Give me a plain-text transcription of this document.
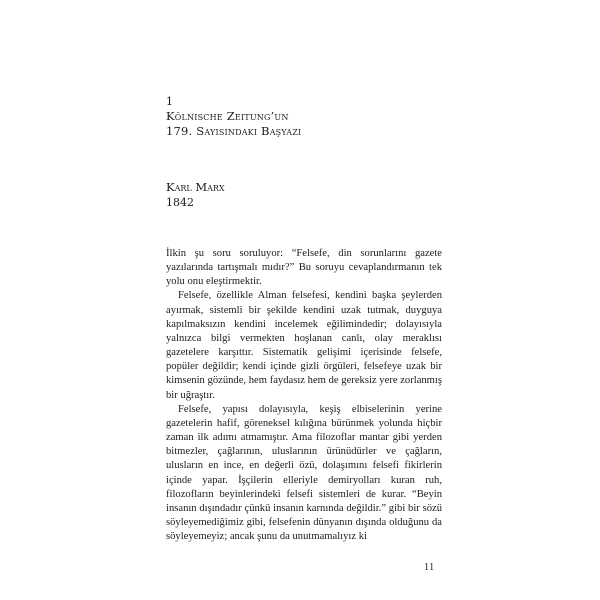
1
Kölnische Zeitung’un
179. Sayısındakı Başyazı
Karl Marx
1842

İlkin şu soru soruluyor: “Felsefe, din sorunlarını gazete yazılarında tartışmalı mıdır?” Bu soruyu cevaplandırmanın tek yolu onu eleştirmektir.

Felsefe, özellikle Alman felsefesi, kendini başka şeylerden ayırmak, sistemli bir şekilde kendini uzak tutmak, duyguya kapılmaksızın kendini incelemek eğilimindedir; dolayısıyla yalnızca bilgi vermekten hoşlanan canlı, olay meraklısı gazetelere karşıttır. Sistematik gelişimi içerisinde felsefe, popüler değildir; kendi içinde gizli örgüleri, felsefeye uzak bir kimsenin gözünde, hem faydasız hem de gereksiz yere zorlanmış bir uğraştır.

Felsefe, yapısı dolayısıyla, keşiş elbiselerinin yerine gazetelerin hafif, göreneksel kılığına bürünmek yolunda hiçbir zaman ilk adımı atmamıştır. Ama filozoflar mantar gibi yerden bitmezler, çağlarının, uluslarının ürünüdürler ve çağların, ulusların en ince, en değerli özü, dolaşımını felsefi fikirlerin içinde yapar. İşçilerin elleriyle demiryolları kuran ruh, filozofların beyinlerindeki felsefi sistemleri de kurar. “Beyin insanın dışındadır çünkü insanın karnında değildir.” gibi bir sözü söyleyemediğimiz gibi, felsefenin dünyanın dışında olduğunu da söyleyemeyiz; ancak şunu da unutmamalıyız ki

11
